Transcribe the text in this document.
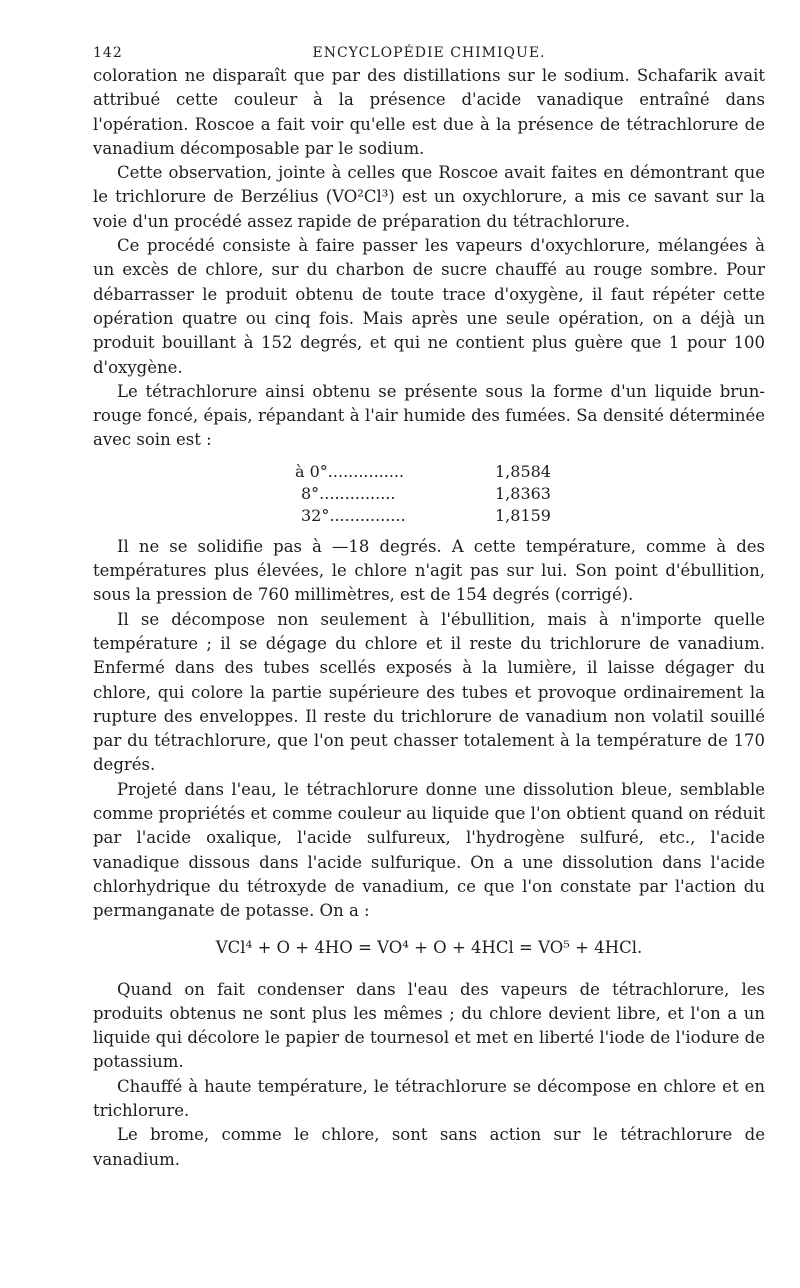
142	ENCYCLOPÉDIE CHIMIQUE.

coloration ne disparaît que par des distillations sur le sodium. Schafarik avait attribué cette couleur à la présence d'acide vanadique entraîné dans l'opération. Roscoe a fait voir qu'elle est due à la présence de tétrachlorure de vanadium décomposable par le sodium.

Cette observation, jointe à celles que Roscoe avait faites en démontrant que le trichlorure de Berzélius (VO²Cl³) est un oxychlorure, a mis ce savant sur la voie d'un procédé assez rapide de préparation du tétrachlorure.

Ce procédé consiste à faire passer les vapeurs d'oxychlorure, mélangées à un excès de chlore, sur du charbon de sucre chauffé au rouge sombre. Pour débarrasser le produit obtenu de toute trace d'oxygène, il faut répéter cette opération quatre ou cinq fois. Mais après une seule opération, on a déjà un produit bouillant à 152 degrés, et qui ne contient plus guère que 1 pour 100 d'oxygène.

Le tétrachlorure ainsi obtenu se présente sous la forme d'un liquide brun-rouge foncé, épais, répandant à l'air humide des fumées. Sa densité déterminée avec soin est :

à 0°...............	1,8584
8°...............	1,8363
32°...............	1,8159

Il ne se solidifie pas à —18 degrés. A cette température, comme à des températures plus élevées, le chlore n'agit pas sur lui. Son point d'ébullition, sous la pression de 760 millimètres, est de 154 degrés (corrigé).

Il se décompose non seulement à l'ébullition, mais à n'importe quelle température ; il se dégage du chlore et il reste du trichlorure de vanadium. Enfermé dans des tubes scellés exposés à la lumière, il laisse dégager du chlore, qui colore la partie supérieure des tubes et provoque ordinairement la rupture des enveloppes. Il reste du trichlorure de vanadium non volatil souillé par du tétrachlorure, que l'on peut chasser totalement à la température de 170 degrés.

Projeté dans l'eau, le tétrachlorure donne une dissolution bleue, semblable comme propriétés et comme couleur au liquide que l'on obtient quand on réduit par l'acide oxalique, l'acide sulfureux, l'hydrogène sulfuré, etc., l'acide vanadique dissous dans l'acide sulfurique. On a une dissolution dans l'acide chlorhydrique du tétroxyde de vanadium, ce que l'on constate par l'action du permanganate de potasse. On a :

VCl⁴ + O + 4HO = VO⁴ + O + 4HCl = VO⁵ + 4HCl.

Quand on fait condenser dans l'eau des vapeurs de tétrachlorure, les produits obtenus ne sont plus les mêmes ; du chlore devient libre, et l'on a un liquide qui décolore le papier de tournesol et met en liberté l'iode de l'iodure de potassium.

Chauffé à haute température, le tétrachlorure se décompose en chlore et en trichlorure.

Le brome, comme le chlore, sont sans action sur le tétrachlorure de vanadium.
